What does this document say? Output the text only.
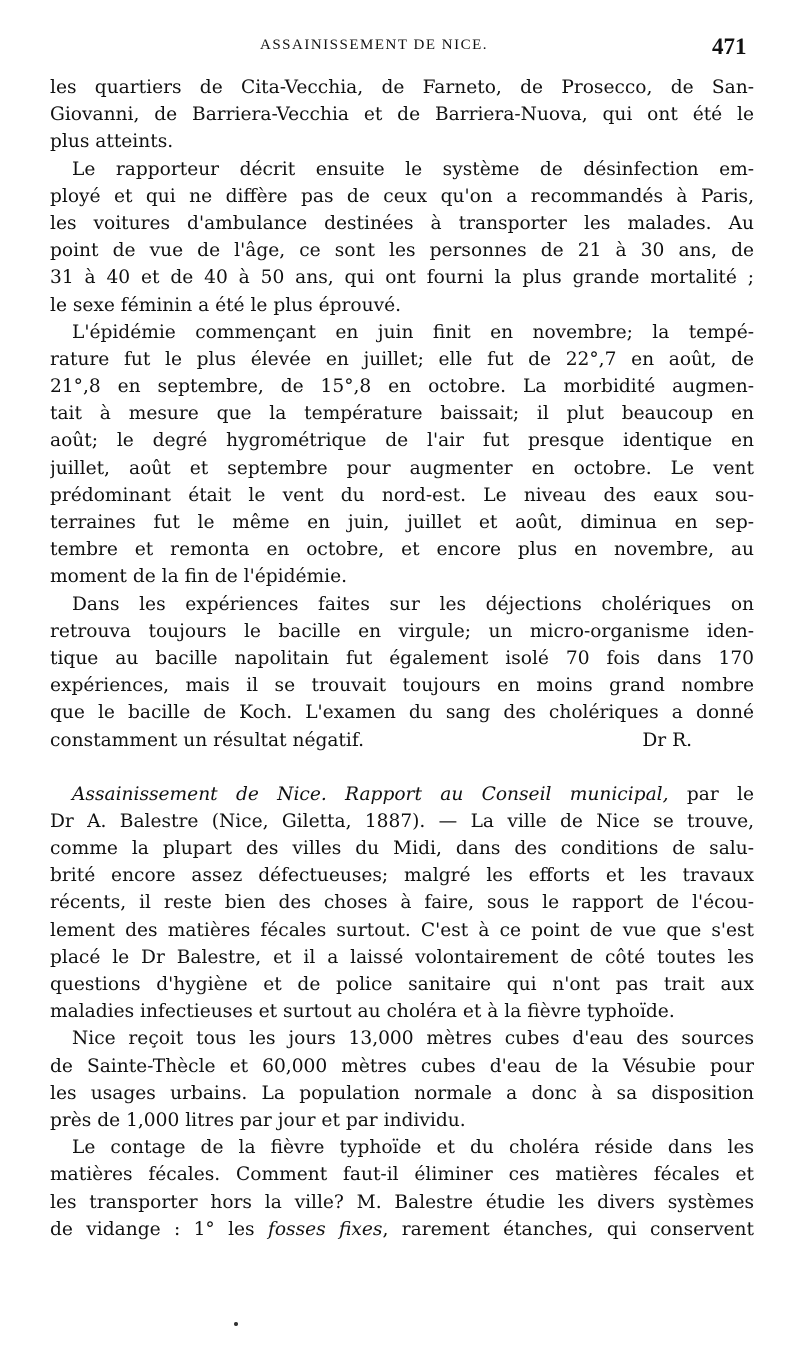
ASSAINISSEMENT DE NICE.	471
les quartiers de Cita-Vecchia, de Farneto, de Prosecco, de San-
Giovanni, de Barriera-Vecchia et de Barriera-Nuova, qui ont été le
plus atteints.
Le rapporteur décrit ensuite le système de désinfection em-
ployé et qui ne diffère pas de ceux qu'on a recommandés à Paris,
les voitures d'ambulance destinées à transporter les malades. Au
point de vue de l'âge, ce sont les personnes de 21 à 30 ans, de
31 à 40 et de 40 à 50 ans, qui ont fourni la plus grande mortalité ;
le sexe féminin a été le plus éprouvé.
L'épidémie commençant en juin finit en novembre; la tempé-
rature fut le plus élevée en juillet; elle fut de 22°,7 en août, de
21°,8 en septembre, de 15°,8 en octobre. La morbidité augmen-
tait à mesure que la température baissait; il plut beaucoup en
août; le degré hygrométrique de l'air fut presque identique en
juillet, août et septembre pour augmenter en octobre. Le vent
prédominant était le vent du nord-est. Le niveau des eaux sou-
terraines fut le même en juin, juillet et août, diminua en sep-
tembre et remonta en octobre, et encore plus en novembre, au
moment de la fin de l'épidémie.
Dans les expériences faites sur les déjections cholériques on
retrouva toujours le bacille en virgule; un micro-organisme iden-
tique au bacille napolitain fut également isolé 70 fois dans 170
expériences, mais il se trouvait toujours en moins grand nombre
que le bacille de Koch. L'examen du sang des cholériques a donné
constamment un résultat négatif.	Dr R.
Assainissement de Nice. Rapport au Conseil municipal, par le
Dr A. Balestre (Nice, Giletta, 1887). — La ville de Nice se trouve,
comme la plupart des villes du Midi, dans des conditions de salu-
brité encore assez défectueuses; malgré les efforts et les travaux
récents, il reste bien des choses à faire, sous le rapport de l'écou-
lement des matières fécales surtout. C'est à ce point de vue que s'est
placé le Dr Balestre, et il a laissé volontairement de côté toutes les
questions d'hygiène et de police sanitaire qui n'ont pas trait aux
maladies infectieuses et surtout au choléra et à la fièvre typhoïde.
Nice reçoit tous les jours 13,000 mètres cubes d'eau des sources
de Sainte-Thècle et 60,000 mètres cubes d'eau de la Vésubie pour
les usages urbains. La population normale a donc à sa disposition
près de 1,000 litres par jour et par individu.
Le contage de la fièvre typhoïde et du choléra réside dans les
matières fécales. Comment faut-il éliminer ces matières fécales et
les transporter hors la ville? M. Balestre étudie les divers systèmes
de vidange : 1° les fosses fixes, rarement étanches, qui conservent
